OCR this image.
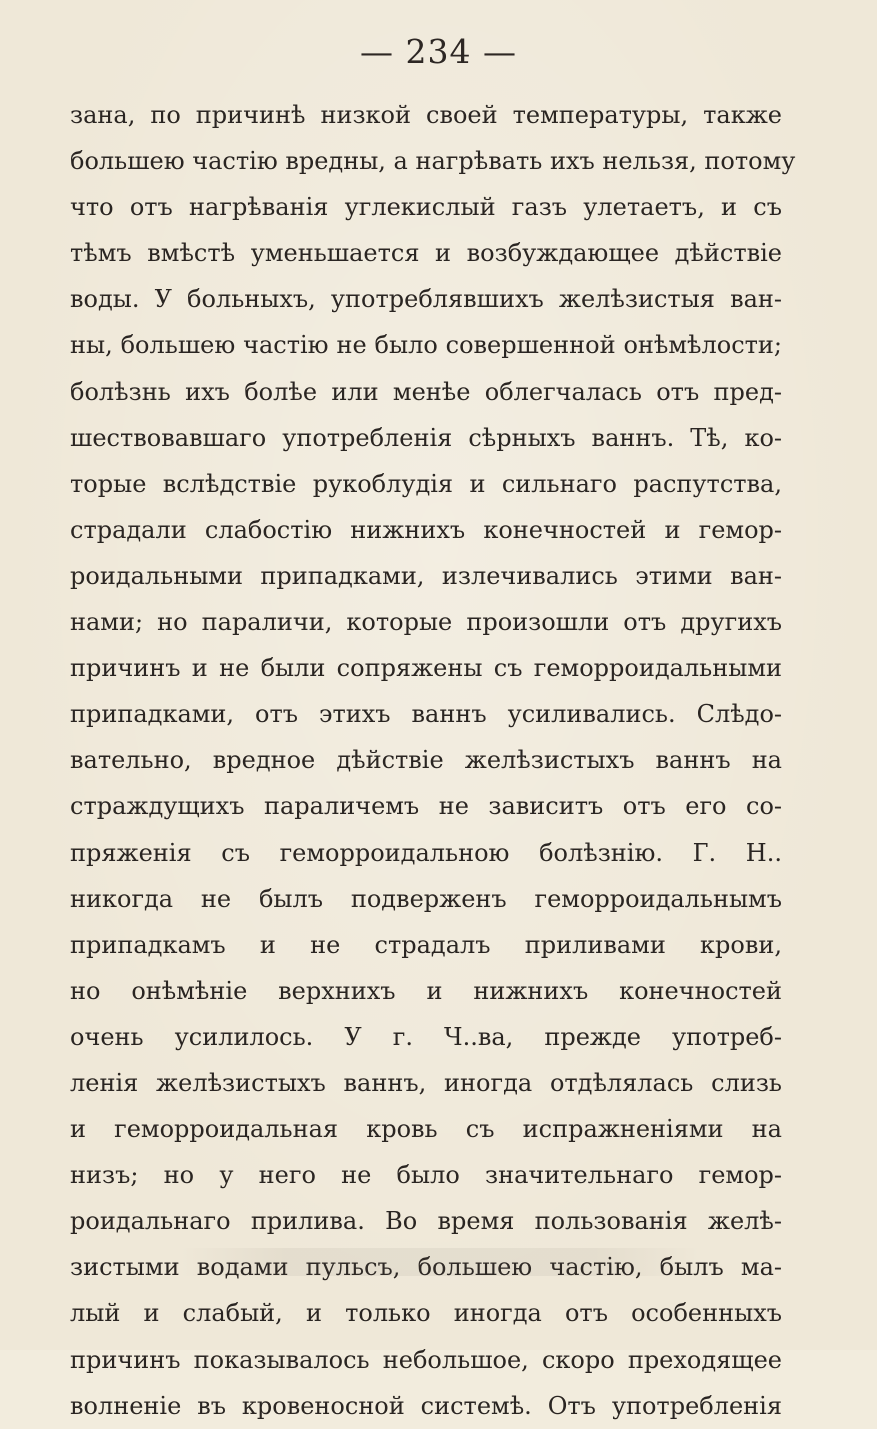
— 234 —
зана, по причинѣ низкой своей температуры, также
большею частію вредны, а нагрѣвать ихъ нельзя, потому
что отъ нагрѣванія углекислый газъ улетаетъ, и съ
тѣмъ вмѣстѣ уменьшается и возбуждающее дѣйствіе
воды. У больныхъ, употреблявшихъ желѣзистыя ван-
ны, большею частію не было совершенной онѣмѣлости;
болѣзнь ихъ болѣе или менѣе облегчалась отъ пред-
шествовавшаго употребленія сѣрныхъ ваннъ. Тѣ, ко-
торые вслѣдствіе рукоблудія и сильнаго распутства,
страдали слабостію нижнихъ конечностей и гемор-
роидальными припадками, излечивались этими ван-
нами; но параличи, которые произошли отъ другихъ
причинъ и не были сопряжены съ геморроидальными
припадками, отъ этихъ ваннъ усиливались. Слѣдо-
вательно, вредное дѣйствіе желѣзистыхъ ваннъ на
страждущихъ параличемъ не зависитъ отъ его со-
пряженія съ геморроидальною болѣзнію. Г. Н..
никогда не былъ подверженъ геморроидальнымъ
припадкамъ и не страдалъ приливами крови,
но онѣмѣніе верхнихъ и нижнихъ конечностей
очень усилилось. У г. Ч..ва, прежде употреб-
ленія желѣзистыхъ ваннъ, иногда отдѣлялась слизь
и геморроидальная кровь съ испражненіями на
низъ; но у него не было значительнаго гемор-
роидальнаго прилива. Во время пользованія желѣ-
зистыми водами пульсъ, большею частію, былъ ма-
лый и слабый, и только иногда отъ особенныхъ
причинъ показывалось небольшое, скоро преходящее
волненіе въ кровеносной системѣ. Отъ употребленія
